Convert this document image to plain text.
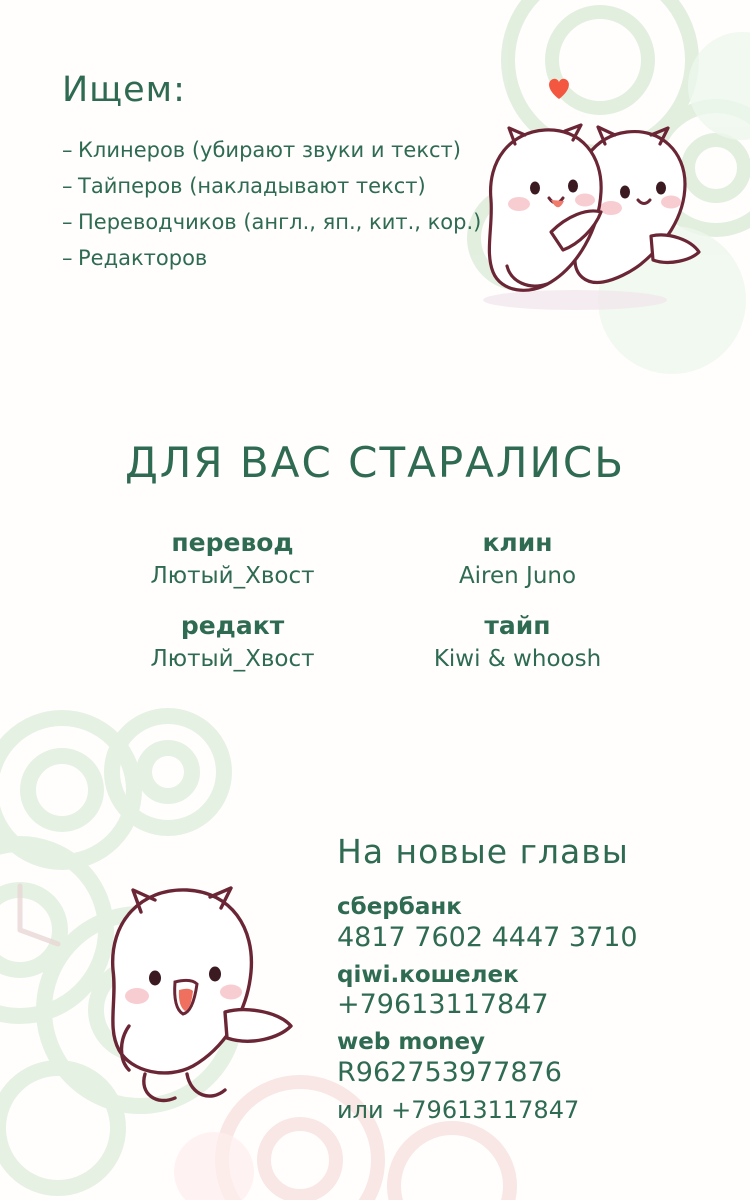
Ищем:
– Клинеров (убирают звуки и текст)
– Тайперов (накладывают текст)
– Переводчиков (англ., яп., кит., кор.)
– Редакторов
ДЛЯ ВАС СТАРАЛИСЬ
перевод
Лютый_Хвост
клин
Airen Juno
редакт
Лютый_Хвост
тайп
Kiwi & whoosh
На новые главы
сбербанк
4817 7602 4447 3710
qiwi.кошелек
+79613117847
web money
R962753977876
или +79613117847
